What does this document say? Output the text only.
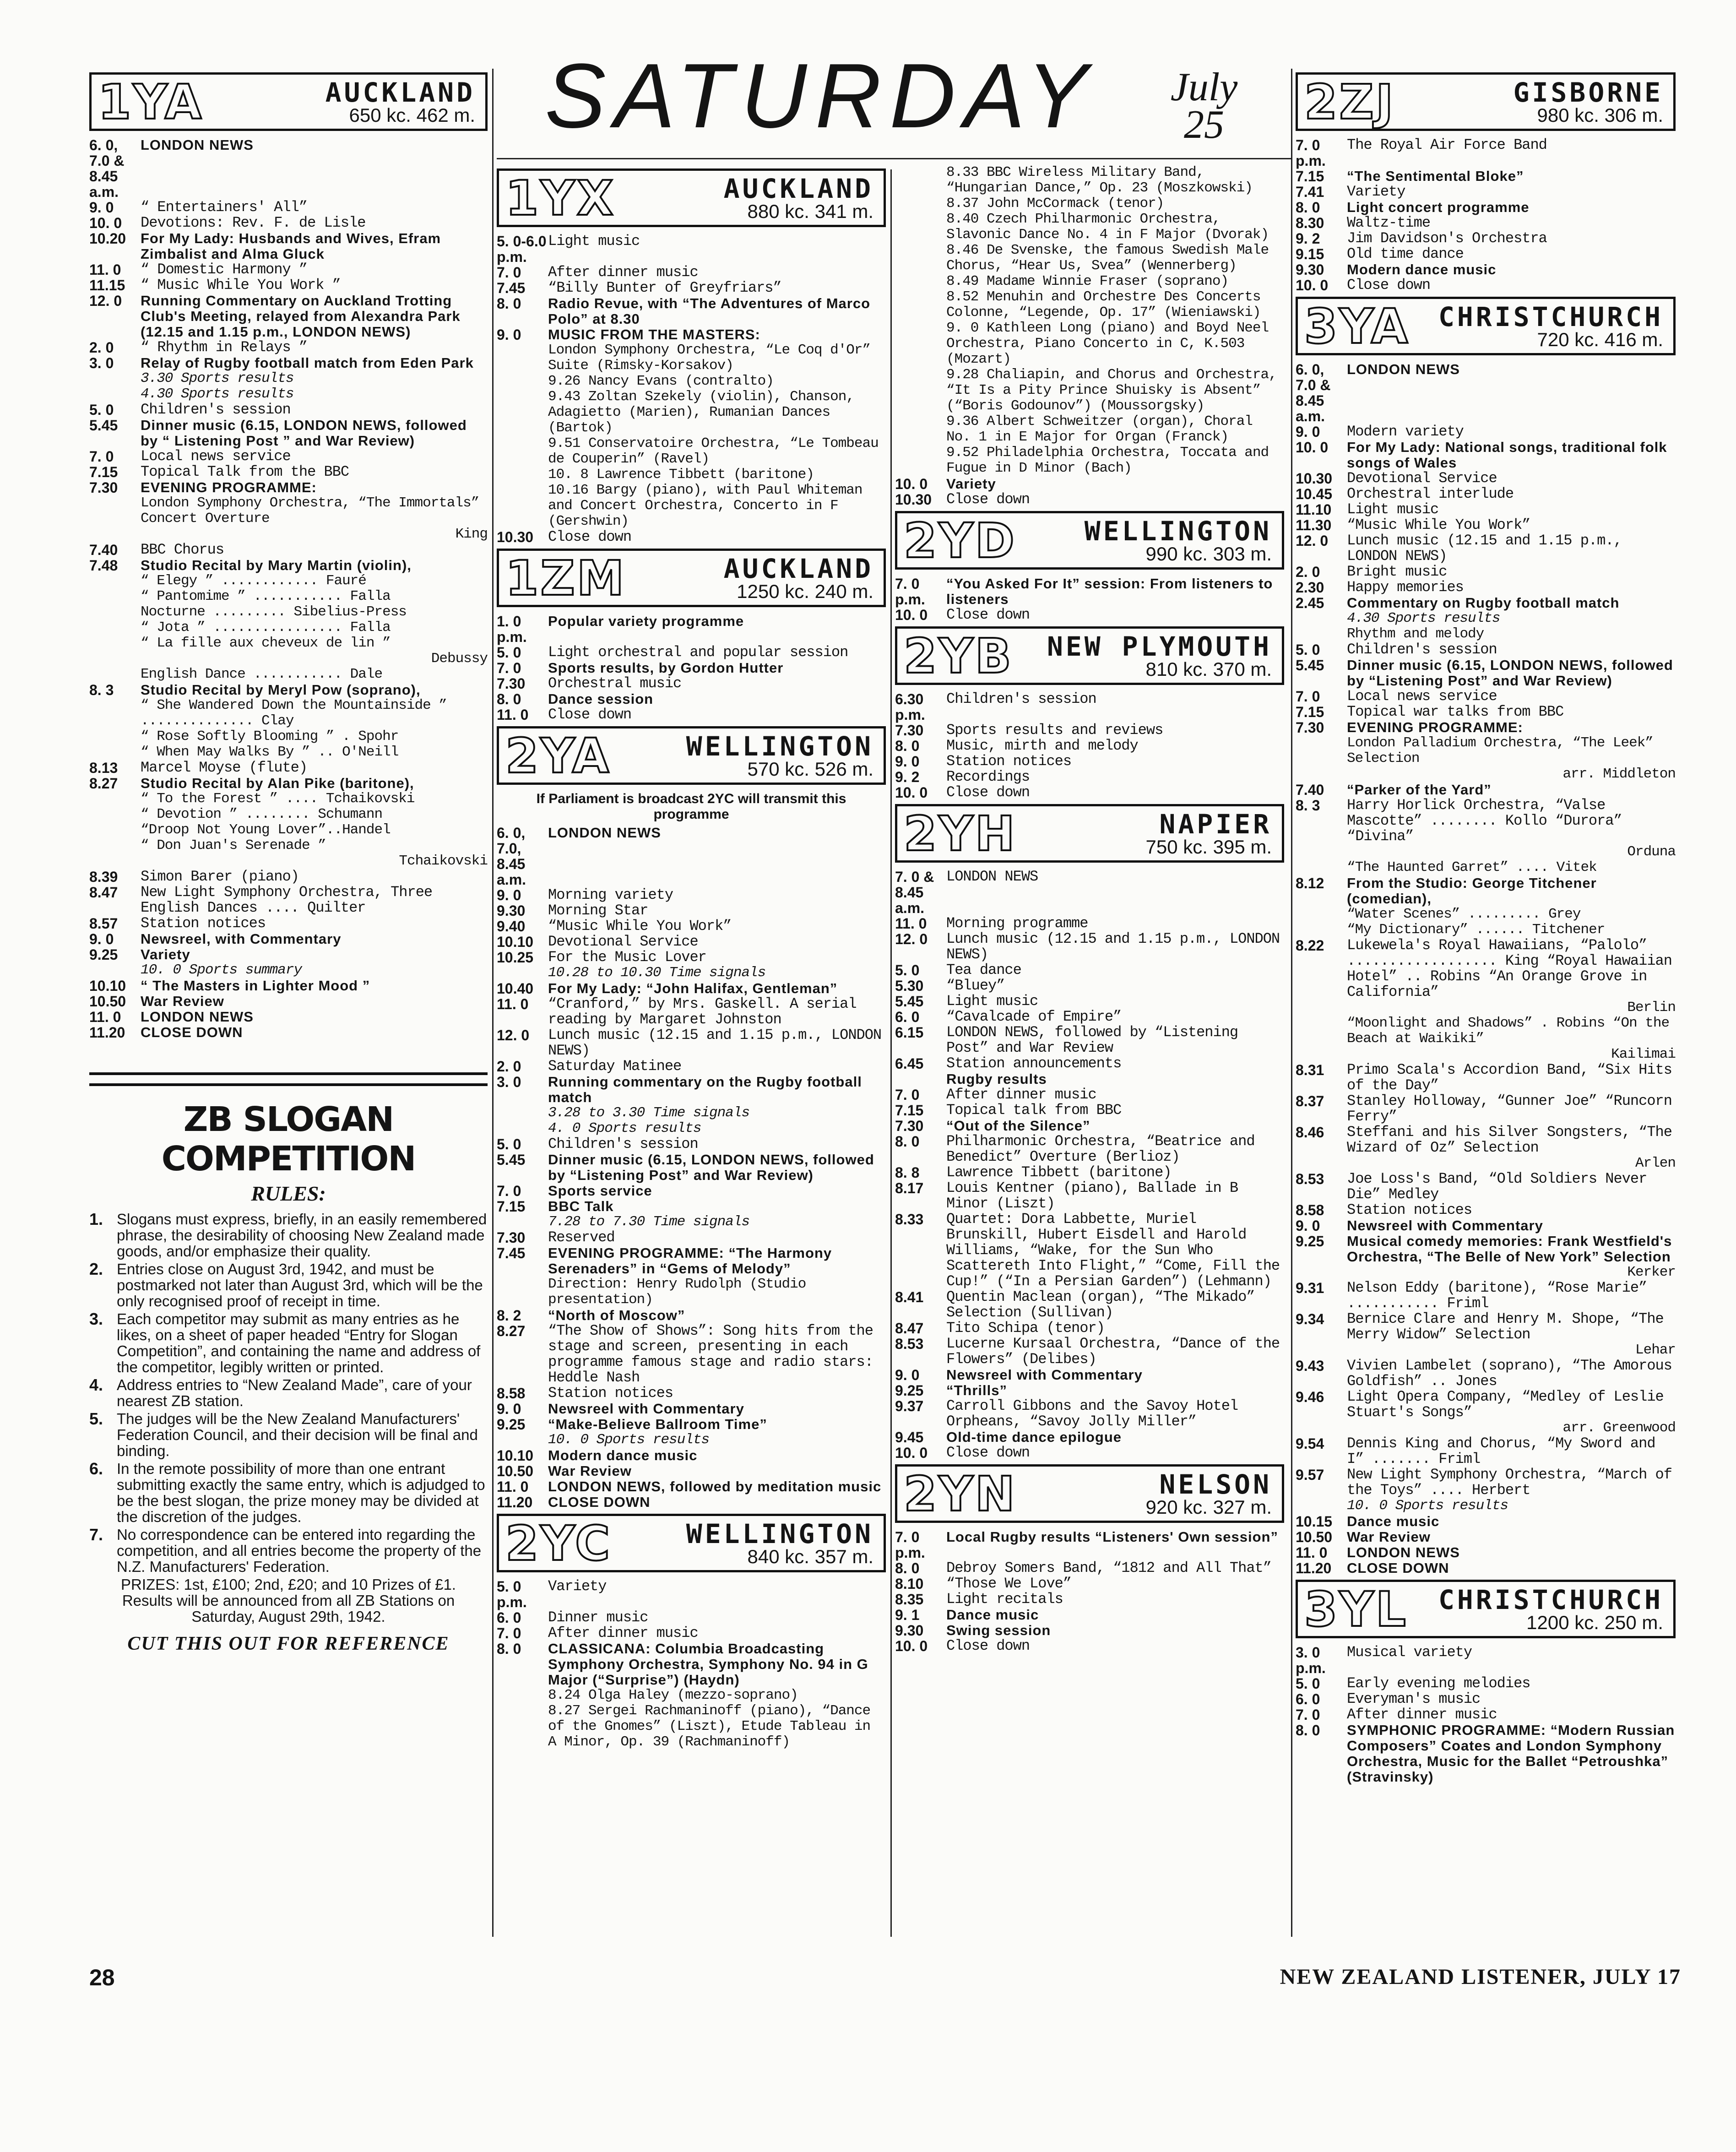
SATURDAY July
25
1YA	AUCKLAND
650 kc. 462 m.
6. 0, 7.0 & 8.45 a.m.
LONDON NEWS
9. 0	“ Entertainers' All”
10. 0	Devotions: Rev. F. de Lisle
10.20	For My Lady: Husbands and Wives, Efram Zimbalist and Alma Gluck
11. 0	“ Domestic Harmony ”
11.15	“ Music While You Work ”
12. 0	Running Commentary on Auckland Trotting Club's Meeting, relayed from Alexandra Park (12.15 and 1.15 p.m., LONDON NEWS)
2. 0	“ Rhythm in Relays ”
3. 0	Relay of Rugby football match from Eden Park
3.30 Sports results
4.30 Sports results
5. 0	Children's session
5.45	Dinner music (6.15, LONDON NEWS, followed by “ Listening Post ” and War Review)
7. 0	Local news service
7.15	Topical Talk from the BBC
7.30	EVENING PROGRAMME:
London Symphony Orchestra, “The Immortals” Concert Overture
King
7.40	BBC Chorus
7.48	Studio Recital by Mary Martin (violin),
“ Elegy ” ............ Fauré
“ Pantomime ” ........... Falla
Nocturne ......... Sibelius-Press
“ Jota ” ................ Falla
“ La fille aux cheveux de lin ”
Debussy
English Dance ........... Dale
8. 3	Studio Recital by Meryl Pow (soprano),
“ She Wandered Down the Mountainside ” .............. Clay
“ Rose Softly Blooming ” . Spohr
“ When May Walks By ” .. O'Neill
8.13	Marcel Moyse (flute)
8.27	Studio Recital by Alan Pike (baritone),
“ To the Forest ” .... Tchaikovski
“ Devotion ” ........ Schumann
“Droop Not Young Lover”..Handel
“ Don Juan's Serenade ”
Tchaikovski
8.39	Simon Barer (piano)
8.47	New Light Symphony Orchestra, Three English Dances .... Quilter
8.57	Station notices
9. 0	Newsreel, with Commentary
9.25	Variety
10. 0 Sports summary
10.10	“ The Masters in Lighter Mood ”
10.50	War Review
11. 0	LONDON NEWS
11.20	CLOSE DOWN
ZB SLOGAN COMPETITION
RULES:
1. Slogans must express, briefly, in an easily remembered phrase, the desirability of choosing New Zealand made goods, and/or emphasize their quality.
2. Entries close on August 3rd, 1942, and must be postmarked not later than August 3rd, which will be the only recognised proof of receipt in time.
3. Each competitor may submit as many entries as he likes, on a sheet of paper headed “Entry for Slogan Competition”, and containing the name and address of the competitor, legibly written or printed.
4. Address entries to “New Zealand Made”, care of your nearest ZB station.
5. The judges will be the New Zealand Manufacturers' Federation Council, and their decision will be final and binding.
6. In the remote possibility of more than one entrant submitting exactly the same entry, which is adjudged to be the best slogan, the prize money may be divided at the discretion of the judges.
7. No correspondence can be entered into regarding the competition, and all entries become the property of the N.Z. Manufacturers' Federation.
PRIZES: 1st, £100; 2nd, £20; and 10 Prizes of £1.
Results will be announced from all ZB Stations on Saturday, August 29th, 1942.
CUT THIS OUT FOR REFERENCE
1YX	AUCKLAND
880 kc. 341 m.
5. 0-6.0 p.m.
Light music
7. 0	After dinner music
7.45	“Billy Bunter of Greyfriars”
8. 0	Radio Revue, with “The Adventures of Marco Polo” at 8.30
9. 0	MUSIC FROM THE MASTERS:
London Symphony Orchestra, “Le Coq d'Or” Suite (Rimsky-Korsakov)
9.26 Nancy Evans (contralto)
9.43 Zoltan Szekely (violin), Chanson, Adagietto (Marien), Rumanian Dances (Bartok)
9.51 Conservatoire Orchestra, “Le Tombeau de Couperin” (Ravel)
10. 8 Lawrence Tibbett (baritone)
10.16 Bargy (piano), with Paul Whiteman and Concert Orchestra, Concerto in F (Gershwin)
10.30 Close down
1ZM	AUCKLAND
1250 kc. 240 m.
1. 0 p.m.
Popular variety programme
5. 0	Light orchestral and popular session
7. 0	Sports results, by Gordon Hutter
7.30	Orchestral music
8. 0	Dance session
11. 0	Close down
2YA	WELLINGTON
570 kc. 526 m.
If Parliament is broadcast 2YC will transmit this programme
6. 0, 7.0, 8.45 a.m.
LONDON NEWS
9. 0	Morning variety
9.30	Morning Star
9.40	“Music While You Work”
10.10 Devotional Service
10.25 For the Music Lover
10.28 to 10.30 Time signals
10.40	For My Lady: “John Halifax, Gentleman”
11. 0	“Cranford,” by Mrs. Gaskell. A serial reading by Margaret Johnston
12. 0	Lunch music (12.15 and 1.15 p.m., LONDON NEWS)
2. 0	Saturday Matinee
3. 0	Running commentary on the Rugby football match
3.28 to 3.30 Time signals
4. 0 Sports results
5. 0	Children's session
5.45	Dinner music (6.15, LONDON NEWS, followed by “Listening Post” and War Review)
7. 0	Sports service
7.15	BBC Talk
7.28 to 7.30 Time signals
7.30	Reserved
7.45	EVENING PROGRAMME: “The Harmony Serenaders” in “Gems of Melody”
Direction: Henry Rudolph (Studio presentation)
8. 2	“North of Moscow”
8.27	“The Show of Shows”: Song hits from the stage and screen, presenting in each programme famous stage and radio stars: Heddle Nash
8.58	Station notices
9. 0	Newsreel with Commentary
9.25	“Make-Believe Ballroom Time”
10. 0 Sports results
10.10	Modern dance music
10.50	War Review
11. 0	LONDON NEWS, followed by meditation music
11.20	CLOSE DOWN
2YC	WELLINGTON
840 kc. 357 m.
5. 0 p.m.
Variety
6. 0	Dinner music
7. 0	After dinner music
8. 0	CLASSICANA: Columbia Broadcasting Symphony Orchestra, Symphony No. 94 in G Major (“Surprise”) (Haydn)
8.24 Olga Haley (mezzo-soprano)
8.27 Sergei Rachmaninoff (piano), “Dance of the Gnomes” (Liszt), Etude Tableau in A Minor, Op. 39 (Rachmaninoff)
8.33 BBC Wireless Military Band, “Hungarian Dance,” Op. 23 (Moszkowski)
8.37 John McCormack (tenor)
8.40 Czech Philharmonic Orchestra, Slavonic Dance No. 4 in F Major (Dvorak)
8.46 De Svenske, the famous Swedish Male Chorus, “Hear Us, Svea” (Wennerberg)
8.49 Madame Winnie Fraser (soprano)
8.52 Menuhin and Orchestre Des Concerts Colonne, “Legende, Op. 17” (Wieniawski)
9. 0 Kathleen Long (piano) and Boyd Neel Orchestra, Piano Concerto in C, K.503 (Mozart)
9.28 Chaliapin, and Chorus and Orchestra, “It Is a Pity Prince Shuisky is Absent” (“Boris Godounov”) (Moussorgsky)
9.36 Albert Schweitzer (organ), Choral No. 1 in E Major for Organ (Franck)
9.52 Philadelphia Orchestra, Toccata and Fugue in D Minor (Bach)
10. 0	Variety
10.30 Close down
2YD	WELLINGTON
990 kc. 303 m.
7. 0 p.m.
“You Asked For It” session: From listeners to listeners
10. 0	Close down
2YB NEW PLYMOUTH
810 kc. 370 m.
6.30 p.m.
Children's session
7.30	Sports results and reviews
8. 0	Music, mirth and melody
9. 0	Station notices
9. 2	Recordings
10. 0	Close down
2YH	NAPIER
750 kc. 395 m.
7. 0 & 8.45 a.m.
LONDON NEWS
11. 0	Morning programme
12. 0	Lunch music (12.15 and 1.15 p.m., LONDON NEWS)
5. 0	Tea dance
5.30	“Bluey”
5.45	Light music
6. 0	“Cavalcade of Empire”
6.15	LONDON NEWS, followed by “Listening Post” and War Review
6.45	Station announcements
Rugby results
7. 0	After dinner music
7.15	Topical talk from BBC
7.30	“Out of the Silence”
8. 0	Philharmonic Orchestra, “Beatrice and Benedict” Overture (Berlioz)
8. 8	Lawrence Tibbett (baritone)
8.17	Louis Kentner (piano), Ballade in B Minor (Liszt)
8.33	Quartet: Dora Labbette, Muriel Brunskill, Hubert Eisdell and Harold Williams, “Wake, for the Sun Who Scattereth Into Flight,” “Come, Fill the Cup!” (“In a Persian Garden”) (Lehmann)
8.41	Quentin Maclean (organ), “The Mikado” Selection (Sullivan)
8.47	Tito Schipa (tenor)
8.53	Lucerne Kursaal Orchestra, “Dance of the Flowers” (Delibes)
9. 0	Newsreel with Commentary
9.25	“Thrills”
9.37	Carroll Gibbons and the Savoy Hotel Orpheans, “Savoy Jolly Miller”
9.45	Old-time dance epilogue
10. 0	Close down
2YN	NELSON
920 kc. 327 m.
7. 0 p.m.
Local Rugby results “Listeners' Own session”
8. 0	Debroy Somers Band, “1812 and All That”
8.10	“Those We Love”
8.35	Light recitals
9. 1	Dance music
9.30	Swing session
10. 0	Close down
2ZJ	GISBORNE
980 kc. 306 m.
7. 0 p.m.
The Royal Air Force Band
7.15	“The Sentimental Bloke”
7.41	Variety
8. 0	Light concert programme
8.30	Waltz-time
9. 2	Jim Davidson's Orchestra
9.15	Old time dance
9.30	Modern dance music
10. 0	Close down
3YA CHRISTCHURCH
720 kc. 416 m.
6. 0, 7.0 & 8.45 a.m.
LONDON NEWS
9. 0	Modern variety
10. 0	For My Lady: National songs, traditional folk songs of Wales
10.30 Devotional Service
10.45 Orchestral interlude
11.10	Light music
11.30	“Music While You Work”
12. 0	Lunch music (12.15 and 1.15 p.m., LONDON NEWS)
2. 0	Bright music
2.30	Happy memories
2.45	Commentary on Rugby football match
4.30 Sports results
Rhythm and melody
5. 0	Children's session
5.45	Dinner music (6.15, LONDON NEWS, followed by “Listening Post” and War Review)
7. 0	Local news service
7.15	Topical war talks from BBC
7.30	EVENING PROGRAMME:
London Palladium Orchestra, “The Leek” Selection
arr. Middleton
7.40	“Parker of the Yard”
8. 3	Harry Horlick Orchestra, “Valse Mascotte” ........ Kollo “Durora” “Divina”
Orduna
“The Haunted Garret” .... Vitek
8.12	From the Studio: George Titchener (comedian),
“Water Scenes” ......... Grey
“My Dictionary” ...... Titchener
8.22	Lukewela's Royal Hawaiians, “Palolo” .................. King “Royal Hawaiian Hotel” .. Robins “An Orange Grove in California”
Berlin
“Moonlight and Shadows” . Robins “On the Beach at Waikiki”
Kailimai
8.31	Primo Scala's Accordion Band, “Six Hits of the Day”
8.37	Stanley Holloway, “Gunner Joe” “Runcorn Ferry”
8.46	Steffani and his Silver Songsters, “The Wizard of Oz” Selection
Arlen
8.53	Joe Loss's Band, “Old Soldiers Never Die” Medley
8.58	Station notices
9. 0	Newsreel with Commentary
9.25	Musical comedy memories: Frank Westfield's Orchestra, “The Belle of New York” Selection
Kerker
9.31	Nelson Eddy (baritone), “Rose Marie” ........... Friml
9.34	Bernice Clare and Henry M. Shope, “The Merry Widow” Selection
Lehar
9.43	Vivien Lambelet (soprano), “The Amorous Goldfish” .. Jones
9.46	Light Opera Company, “Medley of Leslie Stuart's Songs”
arr. Greenwood
9.54	Dennis King and Chorus, “My Sword and I” ....... Friml
9.57	New Light Symphony Orchestra, “March of the Toys” .... Herbert
10. 0 Sports results
10.15	Dance music
10.50	War Review
11. 0	LONDON NEWS
11.20	CLOSE DOWN
3YL CHRISTCHURCH
1200 kc. 250 m.
3. 0 p.m.
Musical variety
5. 0	Early evening melodies
6. 0	Everyman's music
7. 0	After dinner music
8. 0	SYMPHONIC PROGRAMME: “Modern Russian Composers” Coates and London Symphony Orchestra, Music for the Ballet “Petroushka” (Stravinsky)
28	NEW ZEALAND LISTENER, JULY 17
